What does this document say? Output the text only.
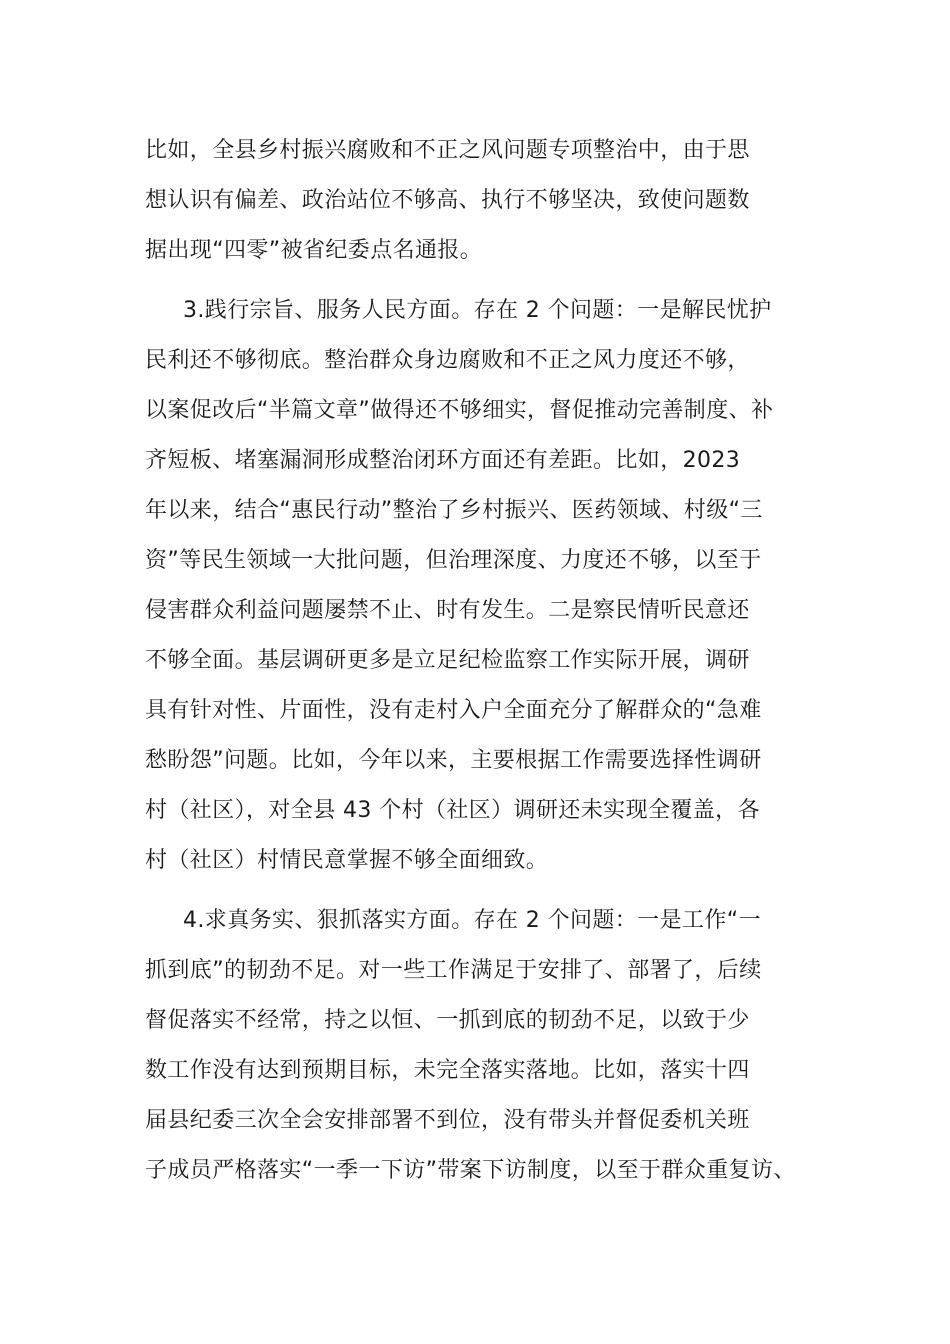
比如，全县乡村振兴腐败和不正之风问题专项整治中，由于思
想认识有偏差、政治站位不够高、执行不够坚决，致使问题数
据出现“四零”被省纪委点名通报。
3.践行宗旨、服务人民方面。存在 2 个问题：一是解民忧护
民利还不够彻底。整治群众身边腐败和不正之风力度还不够，
以案促改后“半篇文章”做得还不够细实，督促推动完善制度、补
齐短板、堵塞漏洞形成整治闭环方面还有差距。比如，2023
年以来，结合“惠民行动”整治了乡村振兴、医药领域、村级“三
资”等民生领域一大批问题，但治理深度、力度还不够，以至于
侵害群众利益问题屡禁不止、时有发生。二是察民情听民意还
不够全面。基层调研更多是立足纪检监察工作实际开展，调研
具有针对性、片面性，没有走村入户全面充分了解群众的“急难
愁盼怨”问题。比如，今年以来，主要根据工作需要选择性调研
村（社区），对全县 43 个村（社区）调研还未实现全覆盖，各
村（社区）村情民意掌握不够全面细致。
4.求真务实、狠抓落实方面。存在 2 个问题：一是工作“一
抓到底”的韧劲不足。对一些工作满足于安排了、部署了，后续
督促落实不经常，持之以恒、一抓到底的韧劲不足，以致于少
数工作没有达到预期目标，未完全落实落地。比如，落实十四
届县纪委三次全会安排部署不到位，没有带头并督促委机关班
子成员严格落实“一季一下访”带案下访制度，以至于群众重复访、
